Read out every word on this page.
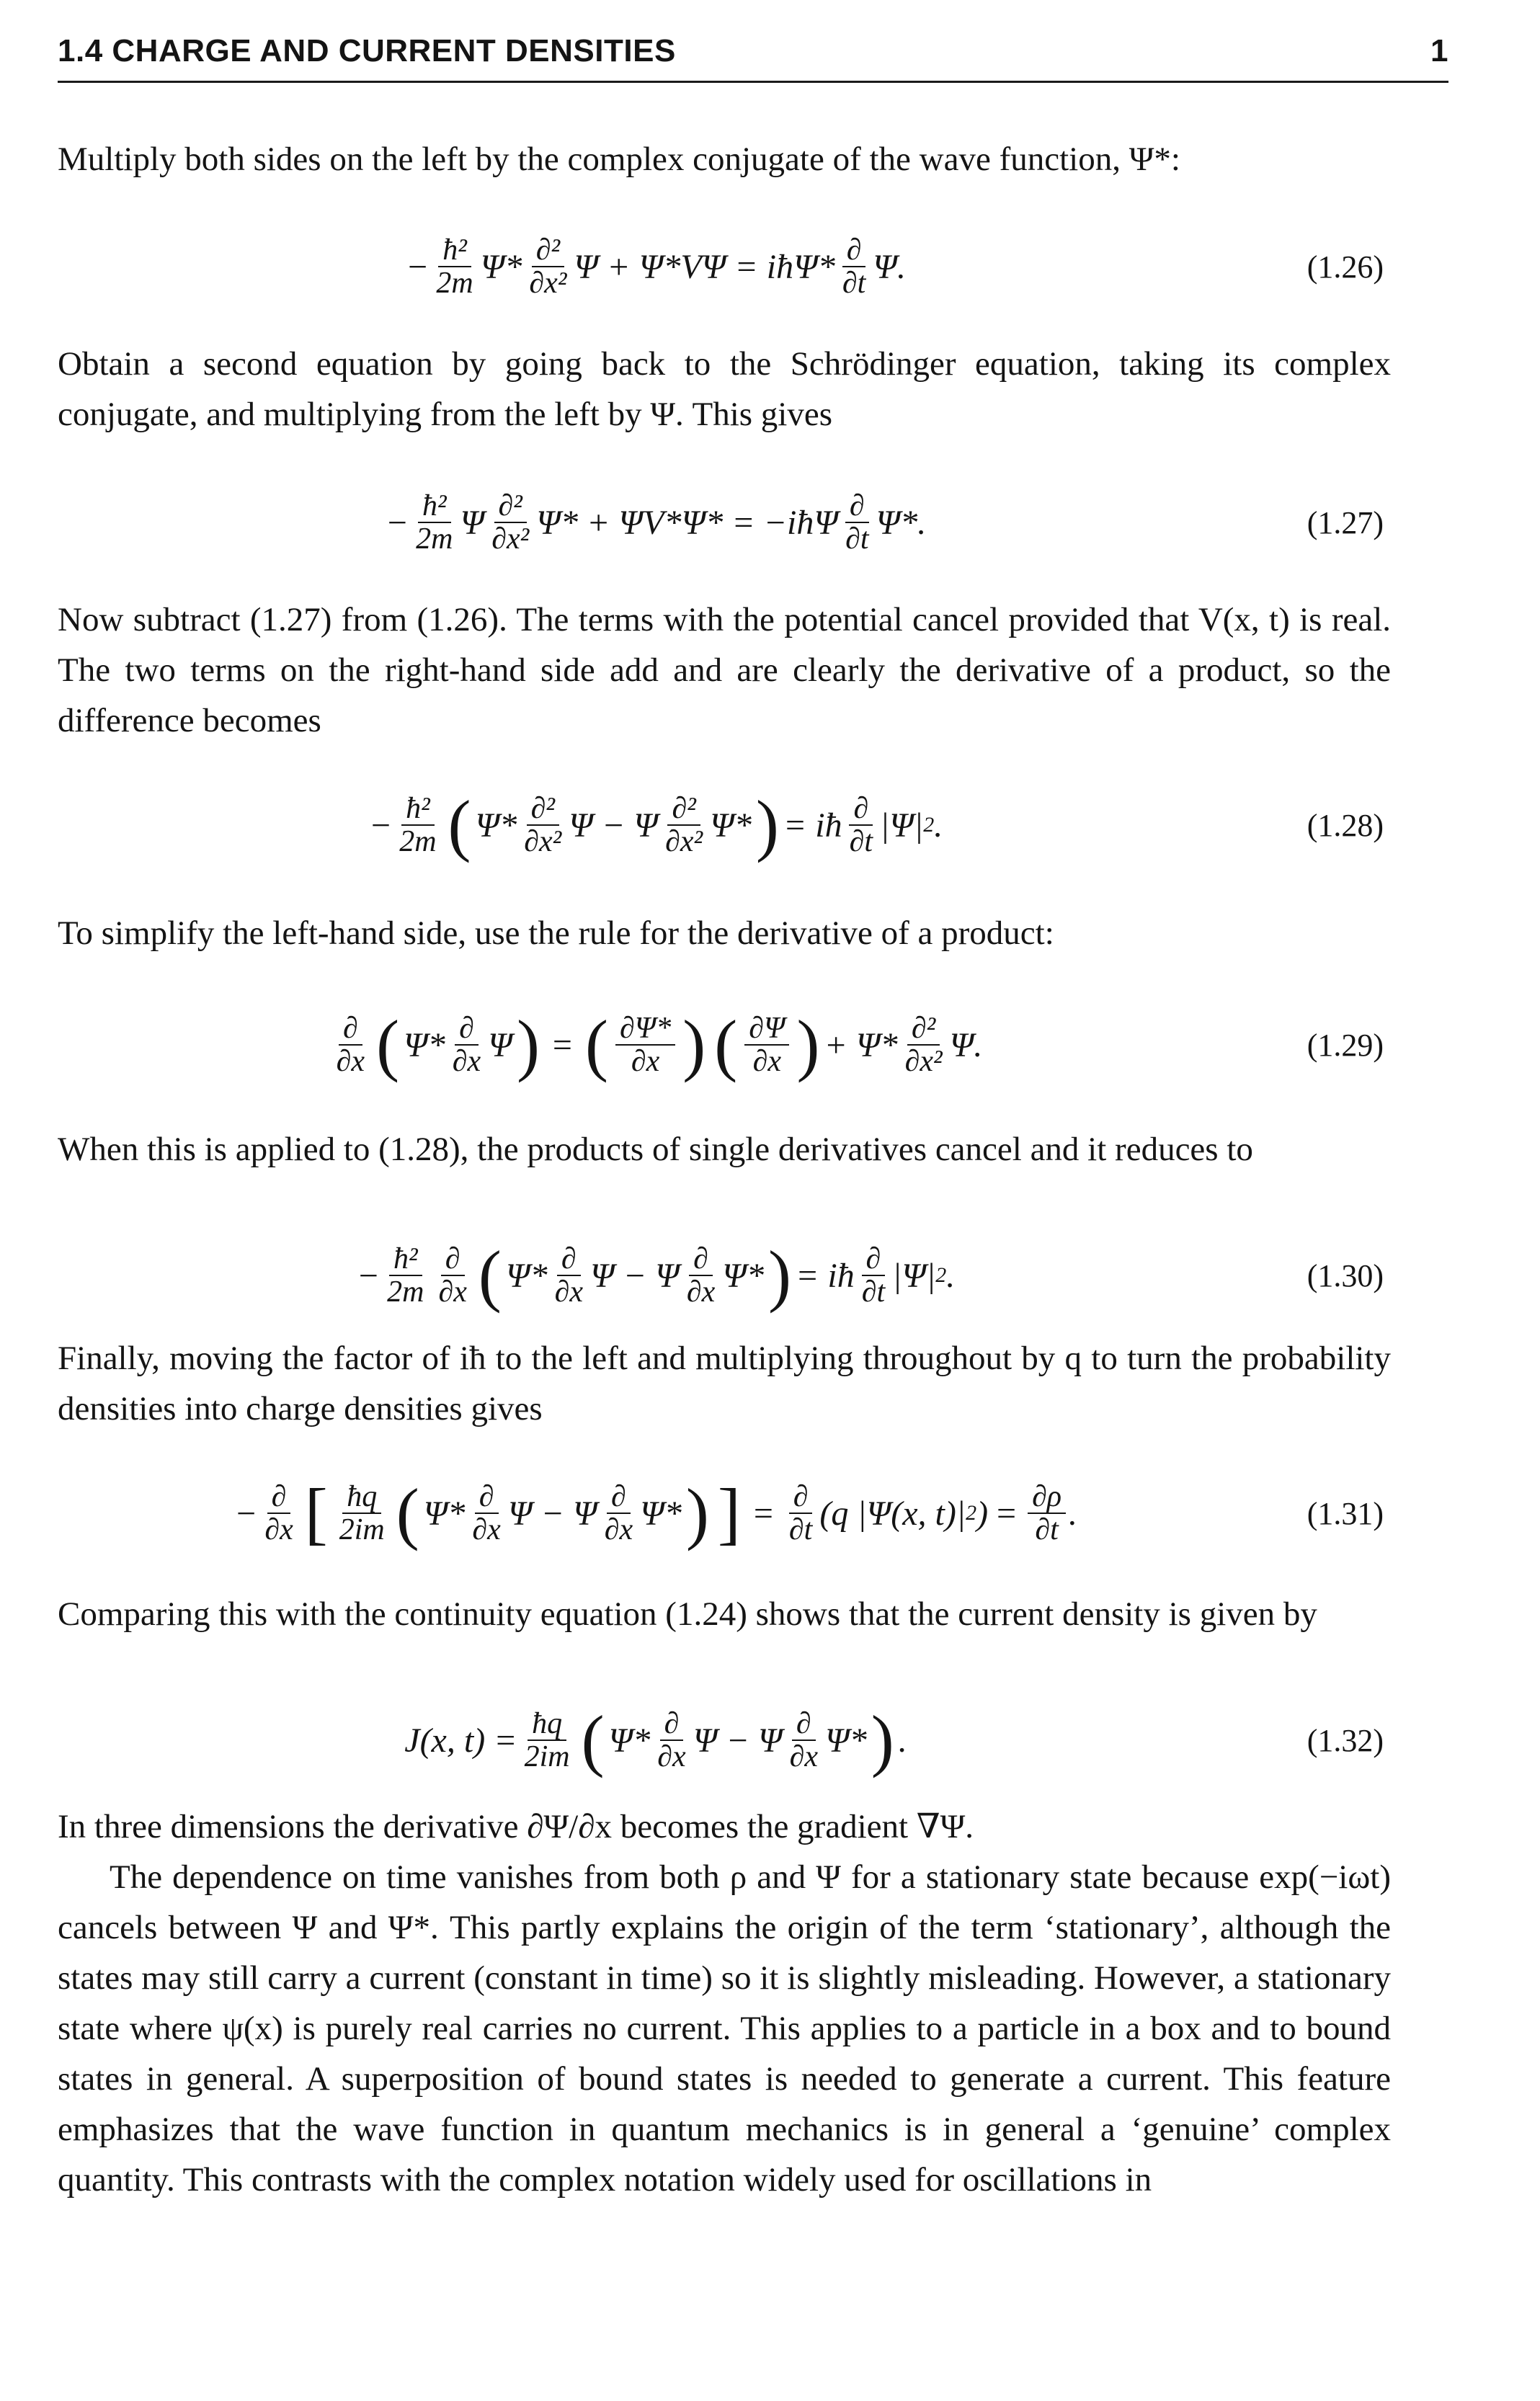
1.4 CHARGE AND CURRENT DENSITIES	1

Multiply both sides on the left by the complex conjugate of the wave function, Ψ*:

− $\frac{\text{ħ²}}{2m} \Psi* \frac{\text{∂²}}{\text{∂x²}}$ Ψ + Ψ*VΨ = iħΨ* $\frac{\partial}{\partial t} \Psi$.	(1.26)

Obtain a second equation by going back to the Schrödinger equation, taking its complex conjugate, and multiplying from the left by Ψ. This gives

− $\frac{\text{ħ²}}{2m}$ Ψ $\frac{\text{∂²}}{\text{∂x²}} \Psi* + \Psi V*\Psi*$ = −iħΨ $\frac{\partial}{\partial t} \Psi*$.	(1.27)

Now subtract (1.27) from (1.26). The terms with the potential cancel provided that V(x, t) is real. The two terms on the right-hand side add and are clearly the derivative of a product, so the difference becomes

− $\frac{\text{ħ²}}{2m}$ ( $\Psi* \frac{\text{∂²}}{\text{∂x²}}$ Ψ − Ψ $\frac{\text{∂²}}{\text{∂x²}} \Psi*$ ) = iħ $\frac{\partial}{\partial t} |\Psi|$ 2 .	(1.28)

To simplify the left-hand side, use the rule for the derivative of a product:

$\frac{\partial}{\partial x}$ ( $\Psi* \frac{\partial}{\partial x}$ Ψ ) = ( $\frac{\partial\Psi*}{\partial x}$ ) ( $\frac{\partial\Psi}{\partial x}$ ) + $\Psi* \frac{\text{∂²}}{\text{∂x²}} \Psi$.	(1.29)

When this is applied to (1.28), the products of single derivatives cancel and it reduces to

− $\frac{\text{ħ²}}{2m} \frac{\partial}{\partial x}$ ( $\Psi* \frac{\partial}{\partial x}$ Ψ − Ψ $\frac{\partial}{\partial x} \Psi*$ ) = iħ $\frac{\partial}{\partial t} |\Psi|$ 2 .	(1.30)

Finally, moving the factor of iħ to the left and multiplying throughout by q to turn the probability densities into charge densities gives

− $\frac{\partial}{\partial x}$ [ $\frac{ħq}{2im}$ ( $\Psi* \frac{\partial}{\partial x}$ Ψ − Ψ $\frac{\partial}{\partial x} \Psi*$ ) ] = $\frac{\partial}{\partial t} (q$ |Ψ(x, t)| 2 ) = $\frac{\partial\rho}{\partial t}$ .	(1.31)

Comparing this with the continuity equation (1.24) shows that the current density is given by

J(x, $t) = \frac{ħq}{2im}$ ( $\Psi* \frac{\partial}{\partial x}$ Ψ − Ψ $\frac{\partial}{\partial x} \Psi*$ ) .	(1.32)

In three dimensions the derivative ∂Ψ/∂x becomes the gradient ∇Ψ.

The dependence on time vanishes from both ρ and Ψ for a stationary state because exp(−iωt) cancels between Ψ and Ψ*. This partly explains the origin of the term ‘stationary’, although the states may still carry a current (constant in time) so it is slightly misleading. However, a stationary state where ψ(x) is purely real carries no current. This applies to a particle in a box and to bound states in general. A superposition of bound states is needed to generate a current. This feature emphasizes that the wave function in quantum mechanics is in general a ‘genuine’ complex quantity. This contrasts with the complex notation widely used for oscillations in
